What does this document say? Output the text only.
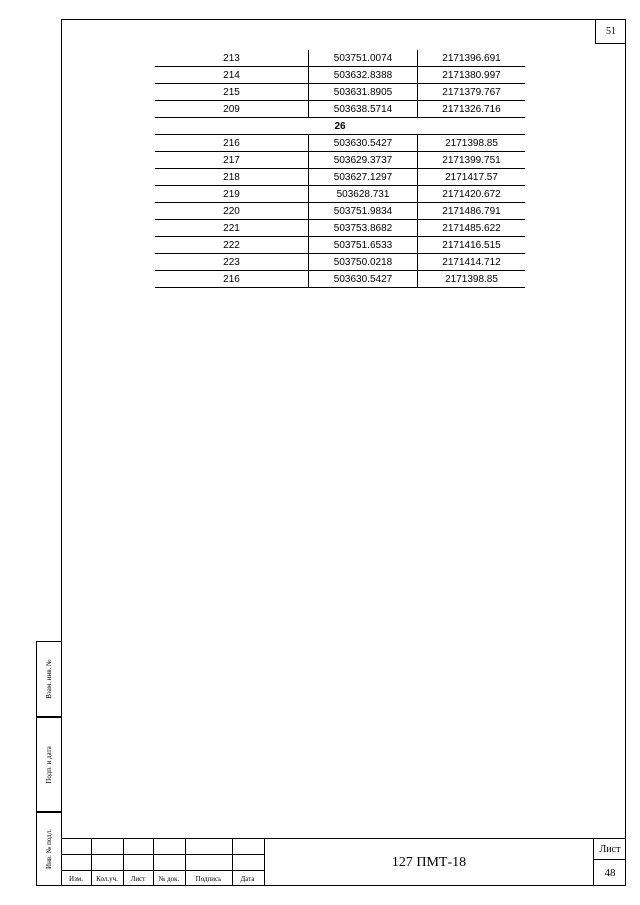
51
Взам. инв. №
Подп. и дата
Инв. № подл.
213	503751.0074	2171396.691
214	503632.8388	2171380.997
215	503631.8905	2171379.767
209	503638.5714	2171326.716
26		
216	503630.5427	2171398.85
217	503629.3737	2171399.751
218	503627.1297	2171417.57
219	503628.731	2171420.672
220	503751.9834	2171486.791
221	503753.8682	2171485.622
222	503751.6533	2171416.515
223	503750.0218	2171414.712
216	503630.5427	2171398.85
Изм.	Кол.уч.	Лист	№ док.	Подпись	Дата
127 ПМТ-18
Лист
48
